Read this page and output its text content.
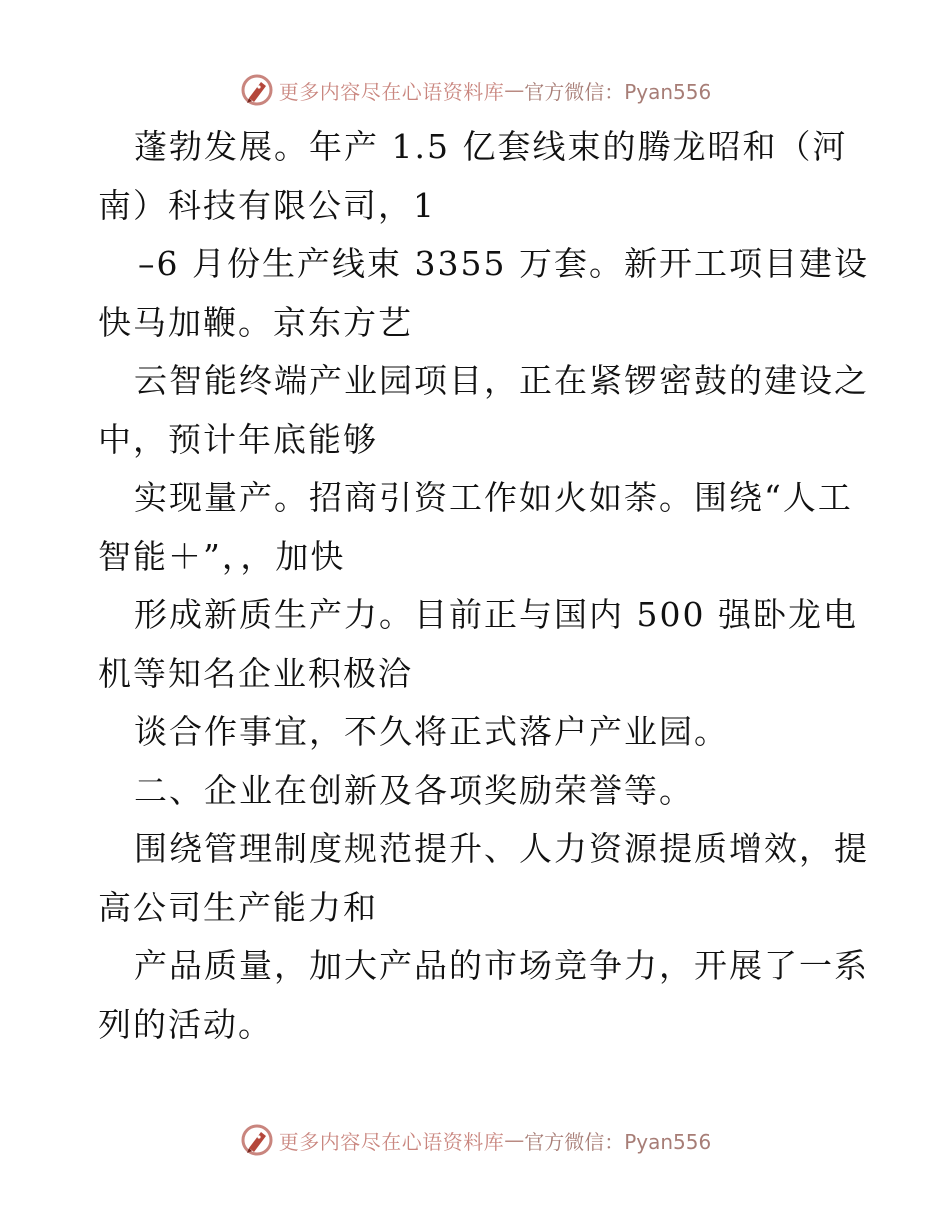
更多内容尽在心语资料库 — 官方微信：Pyan556
蓬勃发展。年产 1.5 亿套线束的腾龙昭和（河
南）科技有限公司，1
–6 月份生产线束 3355 万套。新开工项目建设
快马加鞭。京东方艺
云智能终端产业园项目，正在紧锣密鼓的建设之
中，预计年底能够
实现量产。招商引资工作如火如荼。围绕“人工
智能＋”，，加快
形成新质生产力。目前正与国内 500 强卧龙电
机等知名企业积极洽
谈合作事宜，不久将正式落户产业园。
二、企业在创新及各项奖励荣誉等。
围绕管理制度规范提升、人力资源提质增效，提
高公司生产能力和
产品质量，加大产品的市场竞争力，开展了一系
列的活动。
更多内容尽在心语资料库 — 官方微信：Pyan556
